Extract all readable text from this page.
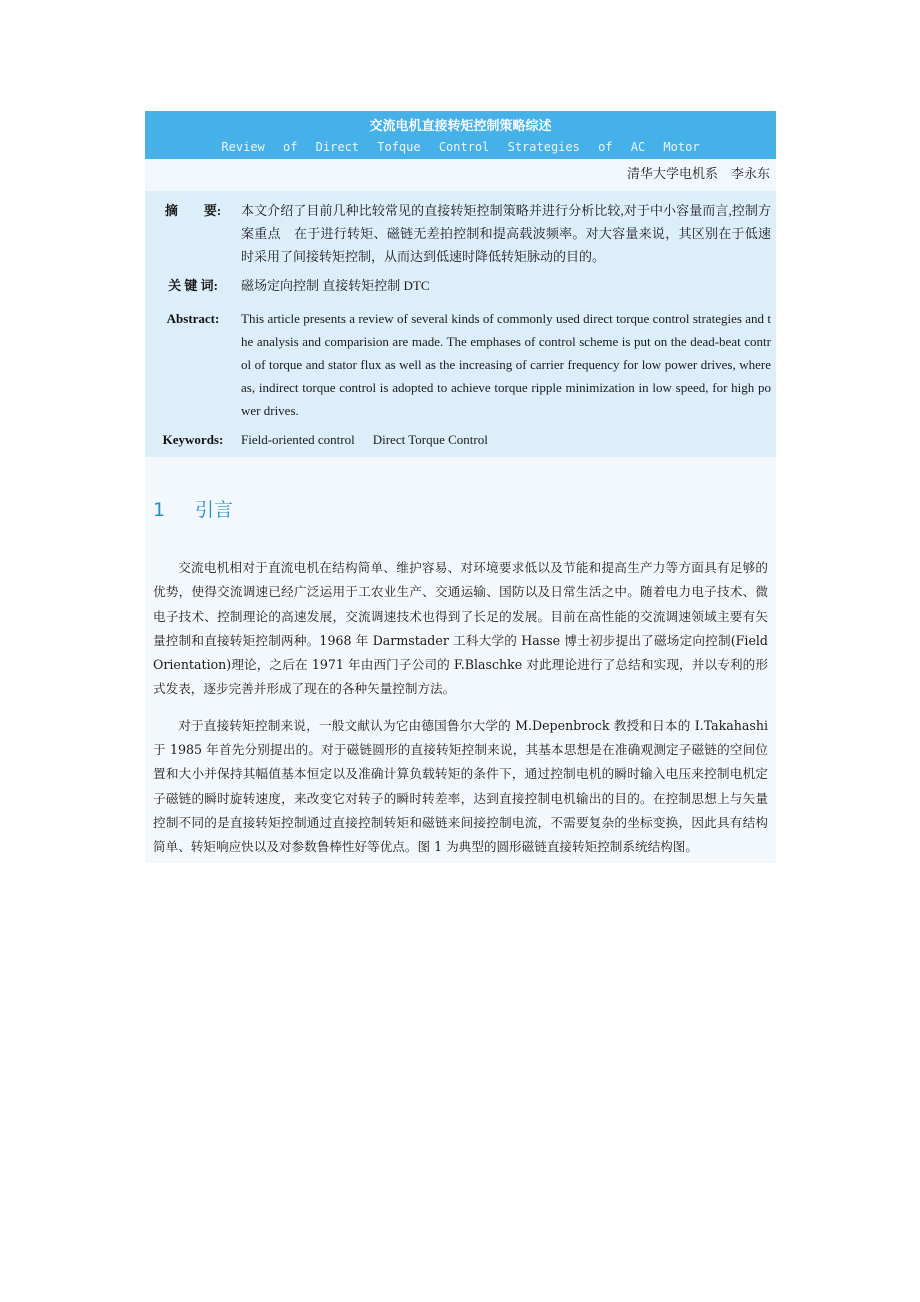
交流电机直接转矩控制策略综述
Review of Direct Tofque Control Strategies of AC Motor
清华大学电机系　李永东
摘　　要:	本文介绍了目前几种比较常见的直接转矩控制策略并进行分析比较,对于中小容量而言,控制方案重点　在于进行转矩、磁链无差拍控制和提高载波频率。对大容量来说，其区别在于低速时采用了间接转矩控制，从而达到低速时降低转矩脉动的目的。
关 键 词:	磁场定向控制 直接转矩控制 DTC
Abstract:	This article presents a review of several kinds of commonly used direct torque control strategies and the analysis and comparision are made. The emphases of control scheme is put on the dead-beat control of torque and stator flux as well as the increasing of carrier frequency for low power drives, whereas, indirect torque control is adopted to achieve torque ripple minimization in low speed, for high power drives.
Keywords:	Field-oriented control Direct Torque Control
1 引言

交流电机相对于直流电机在结构简单、维护容易、对环境要求低以及节能和提高生产力等方面具有足够的优势，使得交流调速已经广泛运用于工农业生产、交通运输、国防以及日常生活之中。随着电力电子技术、微电子技术、控制理论的高速发展，交流调速技术也得到了长足的发展。目前在高性能的交流调速领域主要有矢量控制和直接转矩控制两种。1968 年 Darmstader 工科大学的 Hasse 博士初步提出了磁场定向控制(Field Orientation)理论，之后在 1971 年由西门子公司的 F.Blaschke 对此理论进行了总结和实现，并以专利的形式发表，逐步完善并形成了现在的各种矢量控制方法。

对于直接转矩控制来说，一般文献认为它由德国鲁尔大学的 M.Depenbrock 教授和日本的 I.Takahashi 于 1985 年首先分别提出的。对于磁链圆形的直接转矩控制来说，其基本思想是在准确观测定子磁链的空间位置和大小并保持其幅值基本恒定以及准确计算负载转矩的条件下，通过控制电机的瞬时输入电压来控制电机定子磁链的瞬时旋转速度，来改变它对转子的瞬时转差率，达到直接控制电机输出的目的。在控制思想上与矢量控制不同的是直接转矩控制通过直接控制转矩和磁链来间接控制电流，不需要复杂的坐标变换，因此具有结构简单、转矩响应快以及对参数鲁棒性好等优点。图 1 为典型的圆形磁链直接转矩控制系统结构图。
